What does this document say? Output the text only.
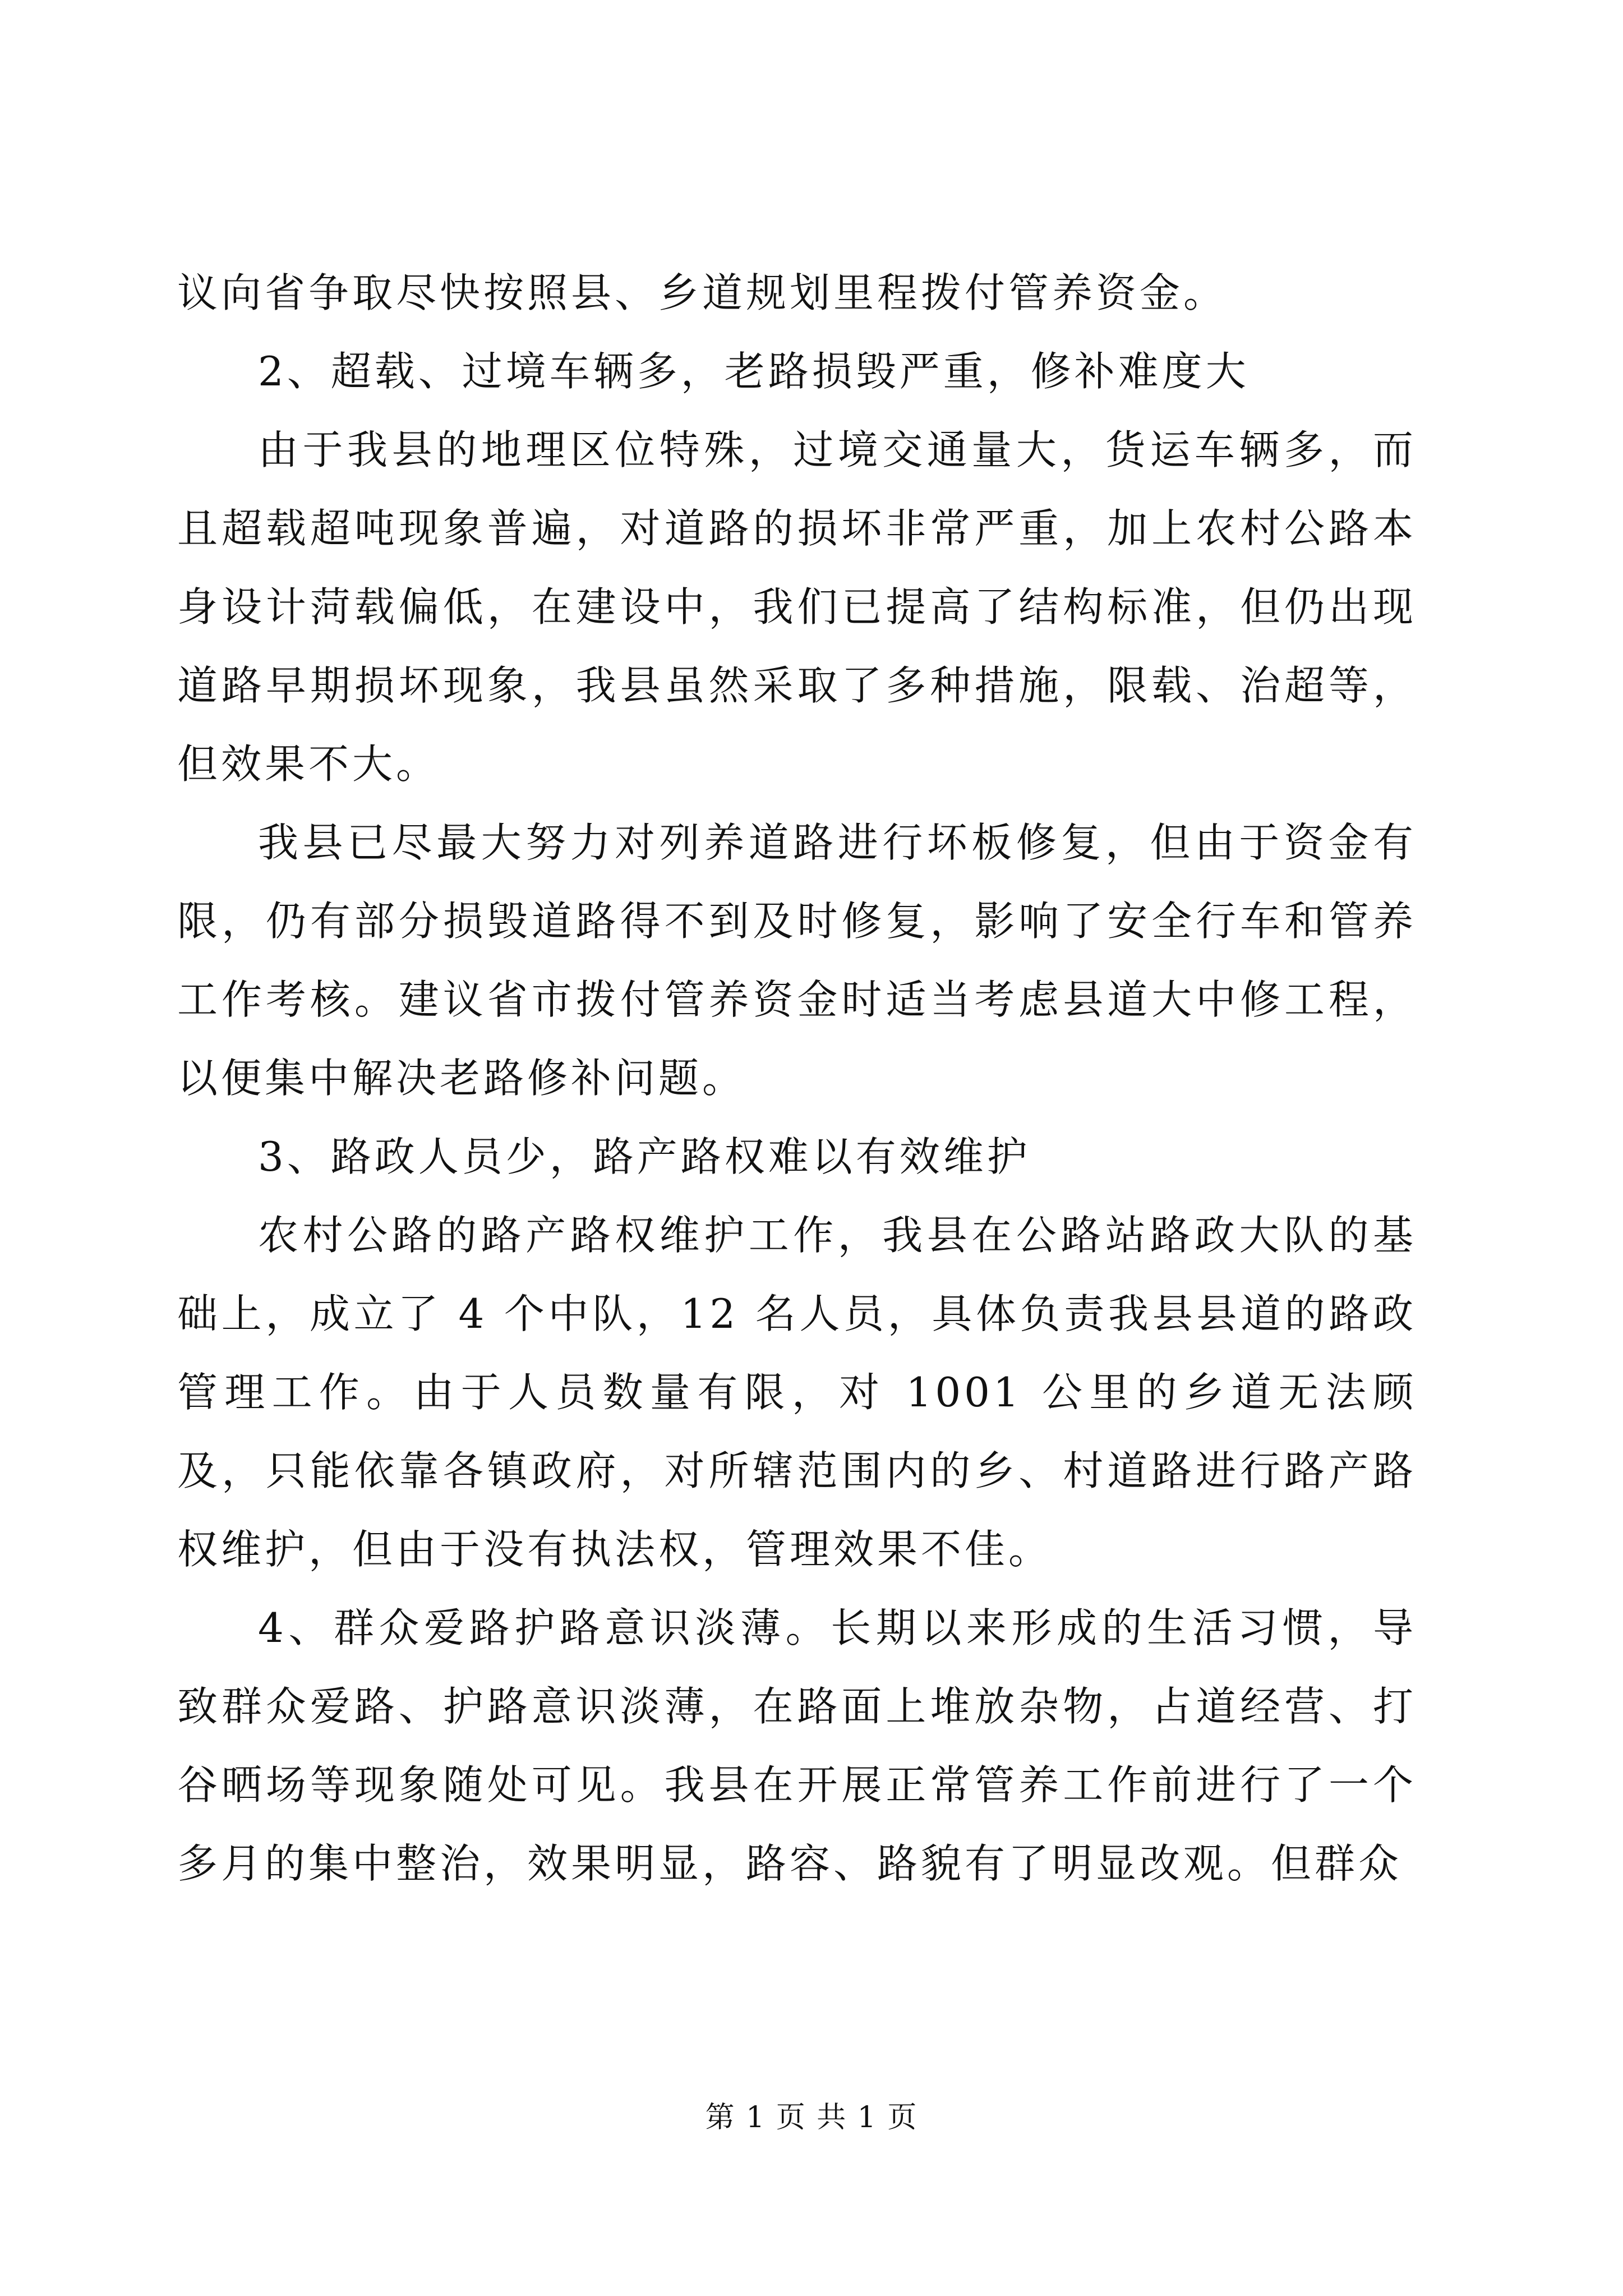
议向省争取尽快按照县、乡道规划里程拨付管养资金。

2、超载、过境车辆多，老路损毁严重，修补难度大

由于我县的地理区位特殊，过境交通量大，货运车辆多，而且超载超吨现象普遍，对道路的损坏非常严重，加上农村公路本身设计菏载偏低，在建设中，我们已提高了结构标准，但仍出现道路早期损坏现象，我县虽然采取了多种措施，限载、治超等，但效果不大。

我县已尽最大努力对列养道路进行坏板修复，但由于资金有限，仍有部分损毁道路得不到及时修复，影响了安全行车和管养工作考核。建议省市拨付管养资金时适当考虑县道大中修工程，以便集中解决老路修补问题。

3、路政人员少，路产路权难以有效维护

农村公路的路产路权维护工作，我县在公路站路政大队的基础上，成立了 4 个中队，12 名人员，具体负责我县县道的路政管理工作。由于人员数量有限，对 1001 公里的乡道无法顾及，只能依靠各镇政府，对所辖范围内的乡、村道路进行路产路权维护，但由于没有执法权，管理效果不佳。

4、群众爱路护路意识淡薄。长期以来形成的生活习惯，导致群众爱路、护路意识淡薄，在路面上堆放杂物，占道经营、打谷晒场等现象随处可见。我县在开展正常管养工作前进行了一个多月的集中整治，效果明显，路容、路貌有了明显改观。但群众

第 1 页 共 1 页
